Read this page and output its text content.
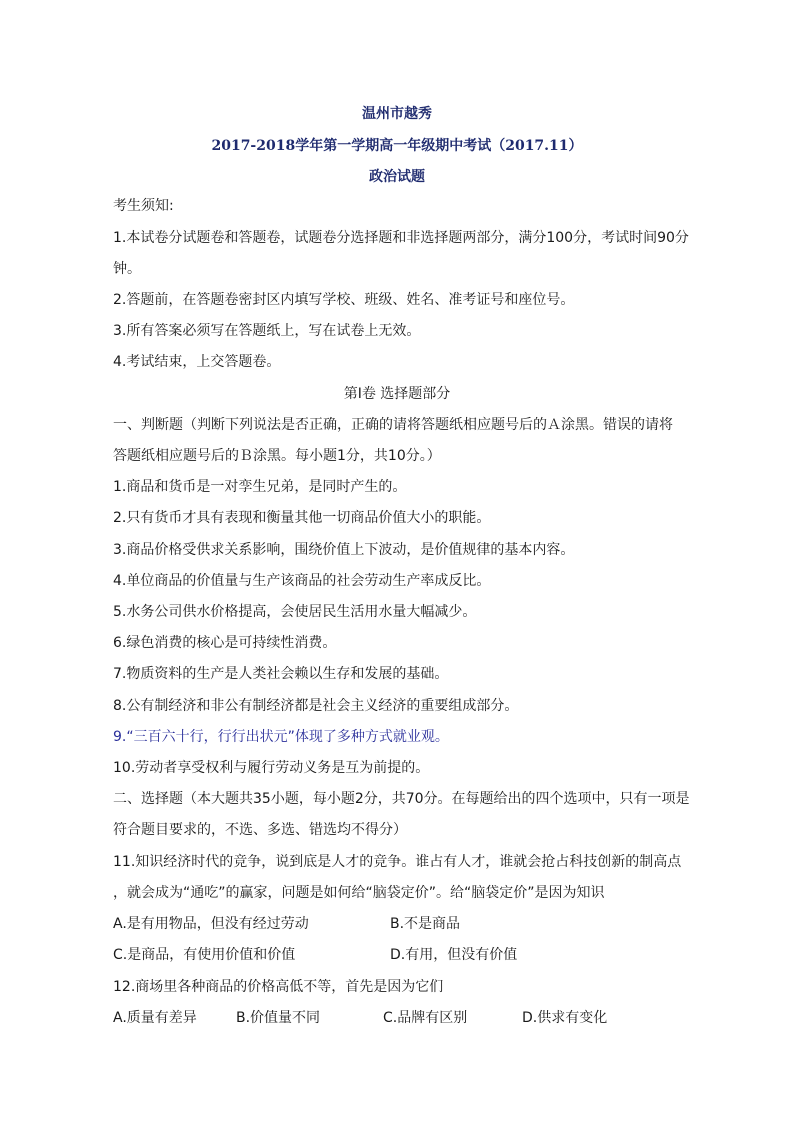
温州市越秀
2017-2018学年第一学期高一年级期中考试（2017.11）
政治试题
考生须知:
1.本试卷分试题卷和答题卷，试题卷分选择题和非选择题两部分，满分100分，考试时间90分
钟。
2.答题前，在答题卷密封区内填写学校、班级、姓名、准考证号和座位号。
3.所有答案必须写在答题纸上，写在试卷上无效。
4.考试结束，上交答题卷。
第Ⅰ卷 选择题部分
一、判断题（判断下列说法是否正确，正确的请将答题纸相应题号后的Ａ涂黑。错误的请将
答题纸相应题号后的Ｂ涂黑。每小题1分，共10分。）
1.商品和货币是一对孪生兄弟，是同时产生的。
2.只有货币才具有表现和衡量其他一切商品价值大小的职能。
3.商品价格受供求关系影响，围绕价值上下波动，是价值规律的基本内容。
4.单位商品的价值量与生产该商品的社会劳动生产率成反比。
5.水务公司供水价格提高，会使居民生活用水量大幅减少。
6.绿色消费的核心是可持续性消费。
7.物质资料的生产是人类社会赖以生存和发展的基础。
8.公有制经济和非公有制经济都是社会主义经济的重要组成部分。
9.“三百六十行，行行出状元”体现了多种方式就业观。
10.劳动者享受权利与履行劳动义务是互为前提的。
二、选择题（本大题共35小题，每小题2分，共70分。在每题给出的四个选项中，只有一项是
符合题目要求的，不选、多选、错选均不得分）
11.知识经济时代的竞争，说到底是人才的竞争。谁占有人才，谁就会抢占科技创新的制高点
，就会成为“通吃”的赢家，问题是如何给“脑袋定价”。给“脑袋定价”是因为知识
A.是有用物品，但没有经过劳动	B.不是商品
C.是商品，有使用价值和价值	D.有用，但没有价值
12.商场里各种商品的价格高低不等，首先是因为它们
A.质量有差异	B.价值量不同	C.品牌有区别	D.供求有变化
